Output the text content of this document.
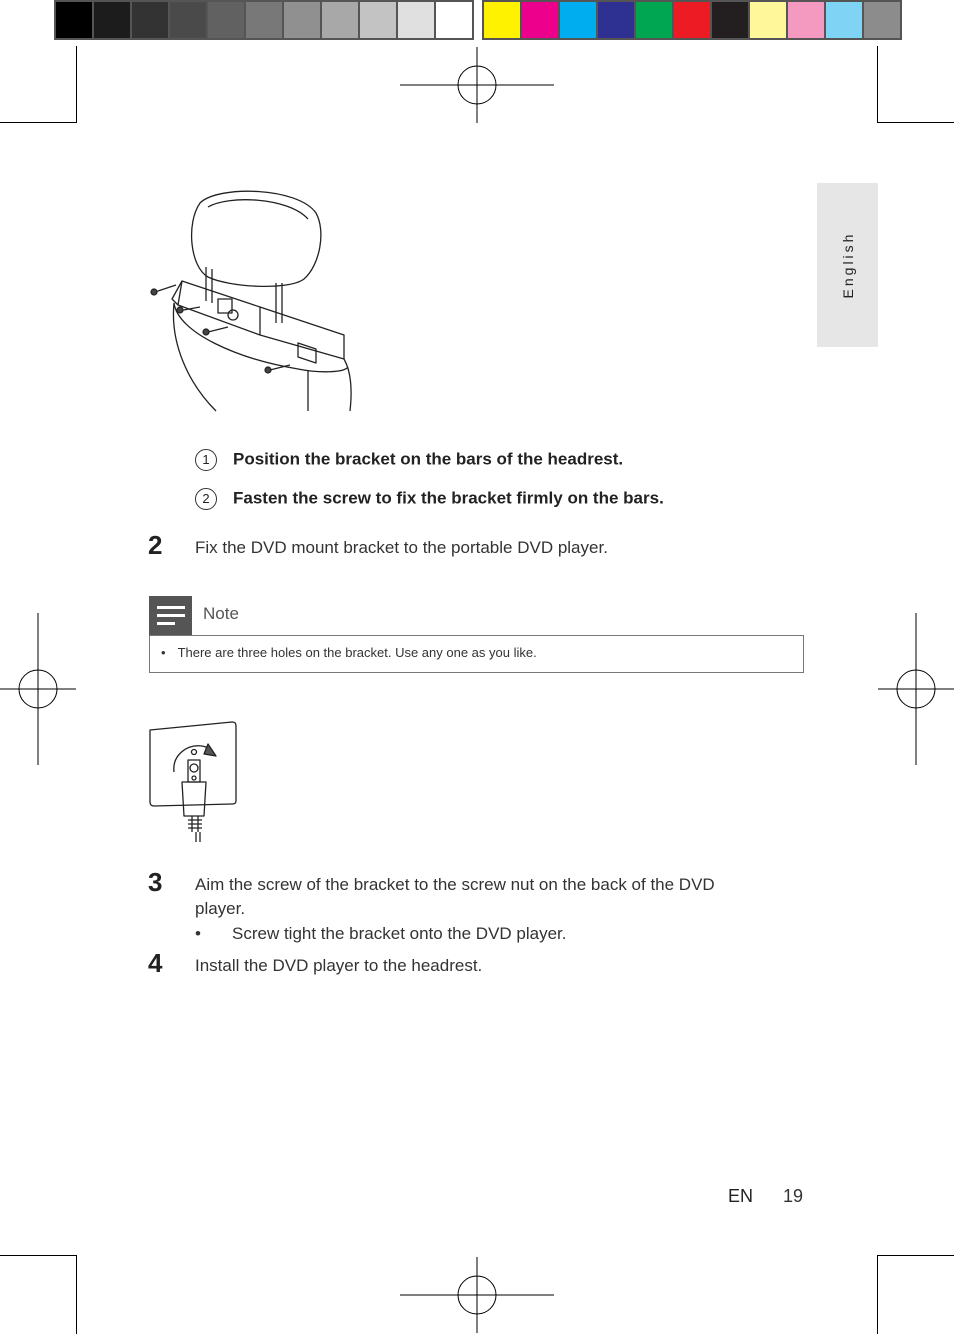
English
1 Position the bracket on the bars of the headrest.
2 Fasten the screw to fix the bracket firmly on the bars.
2 Fix the DVD mount bracket to the portable DVD player.
Note
• There are three holes on the bracket. Use any one as you like.
3 Aim the screw of the bracket to the screw nut on the back of the DVD
player.
• Screw tight the bracket onto the DVD player.
4 Install the DVD player to the headrest.
EN 19
